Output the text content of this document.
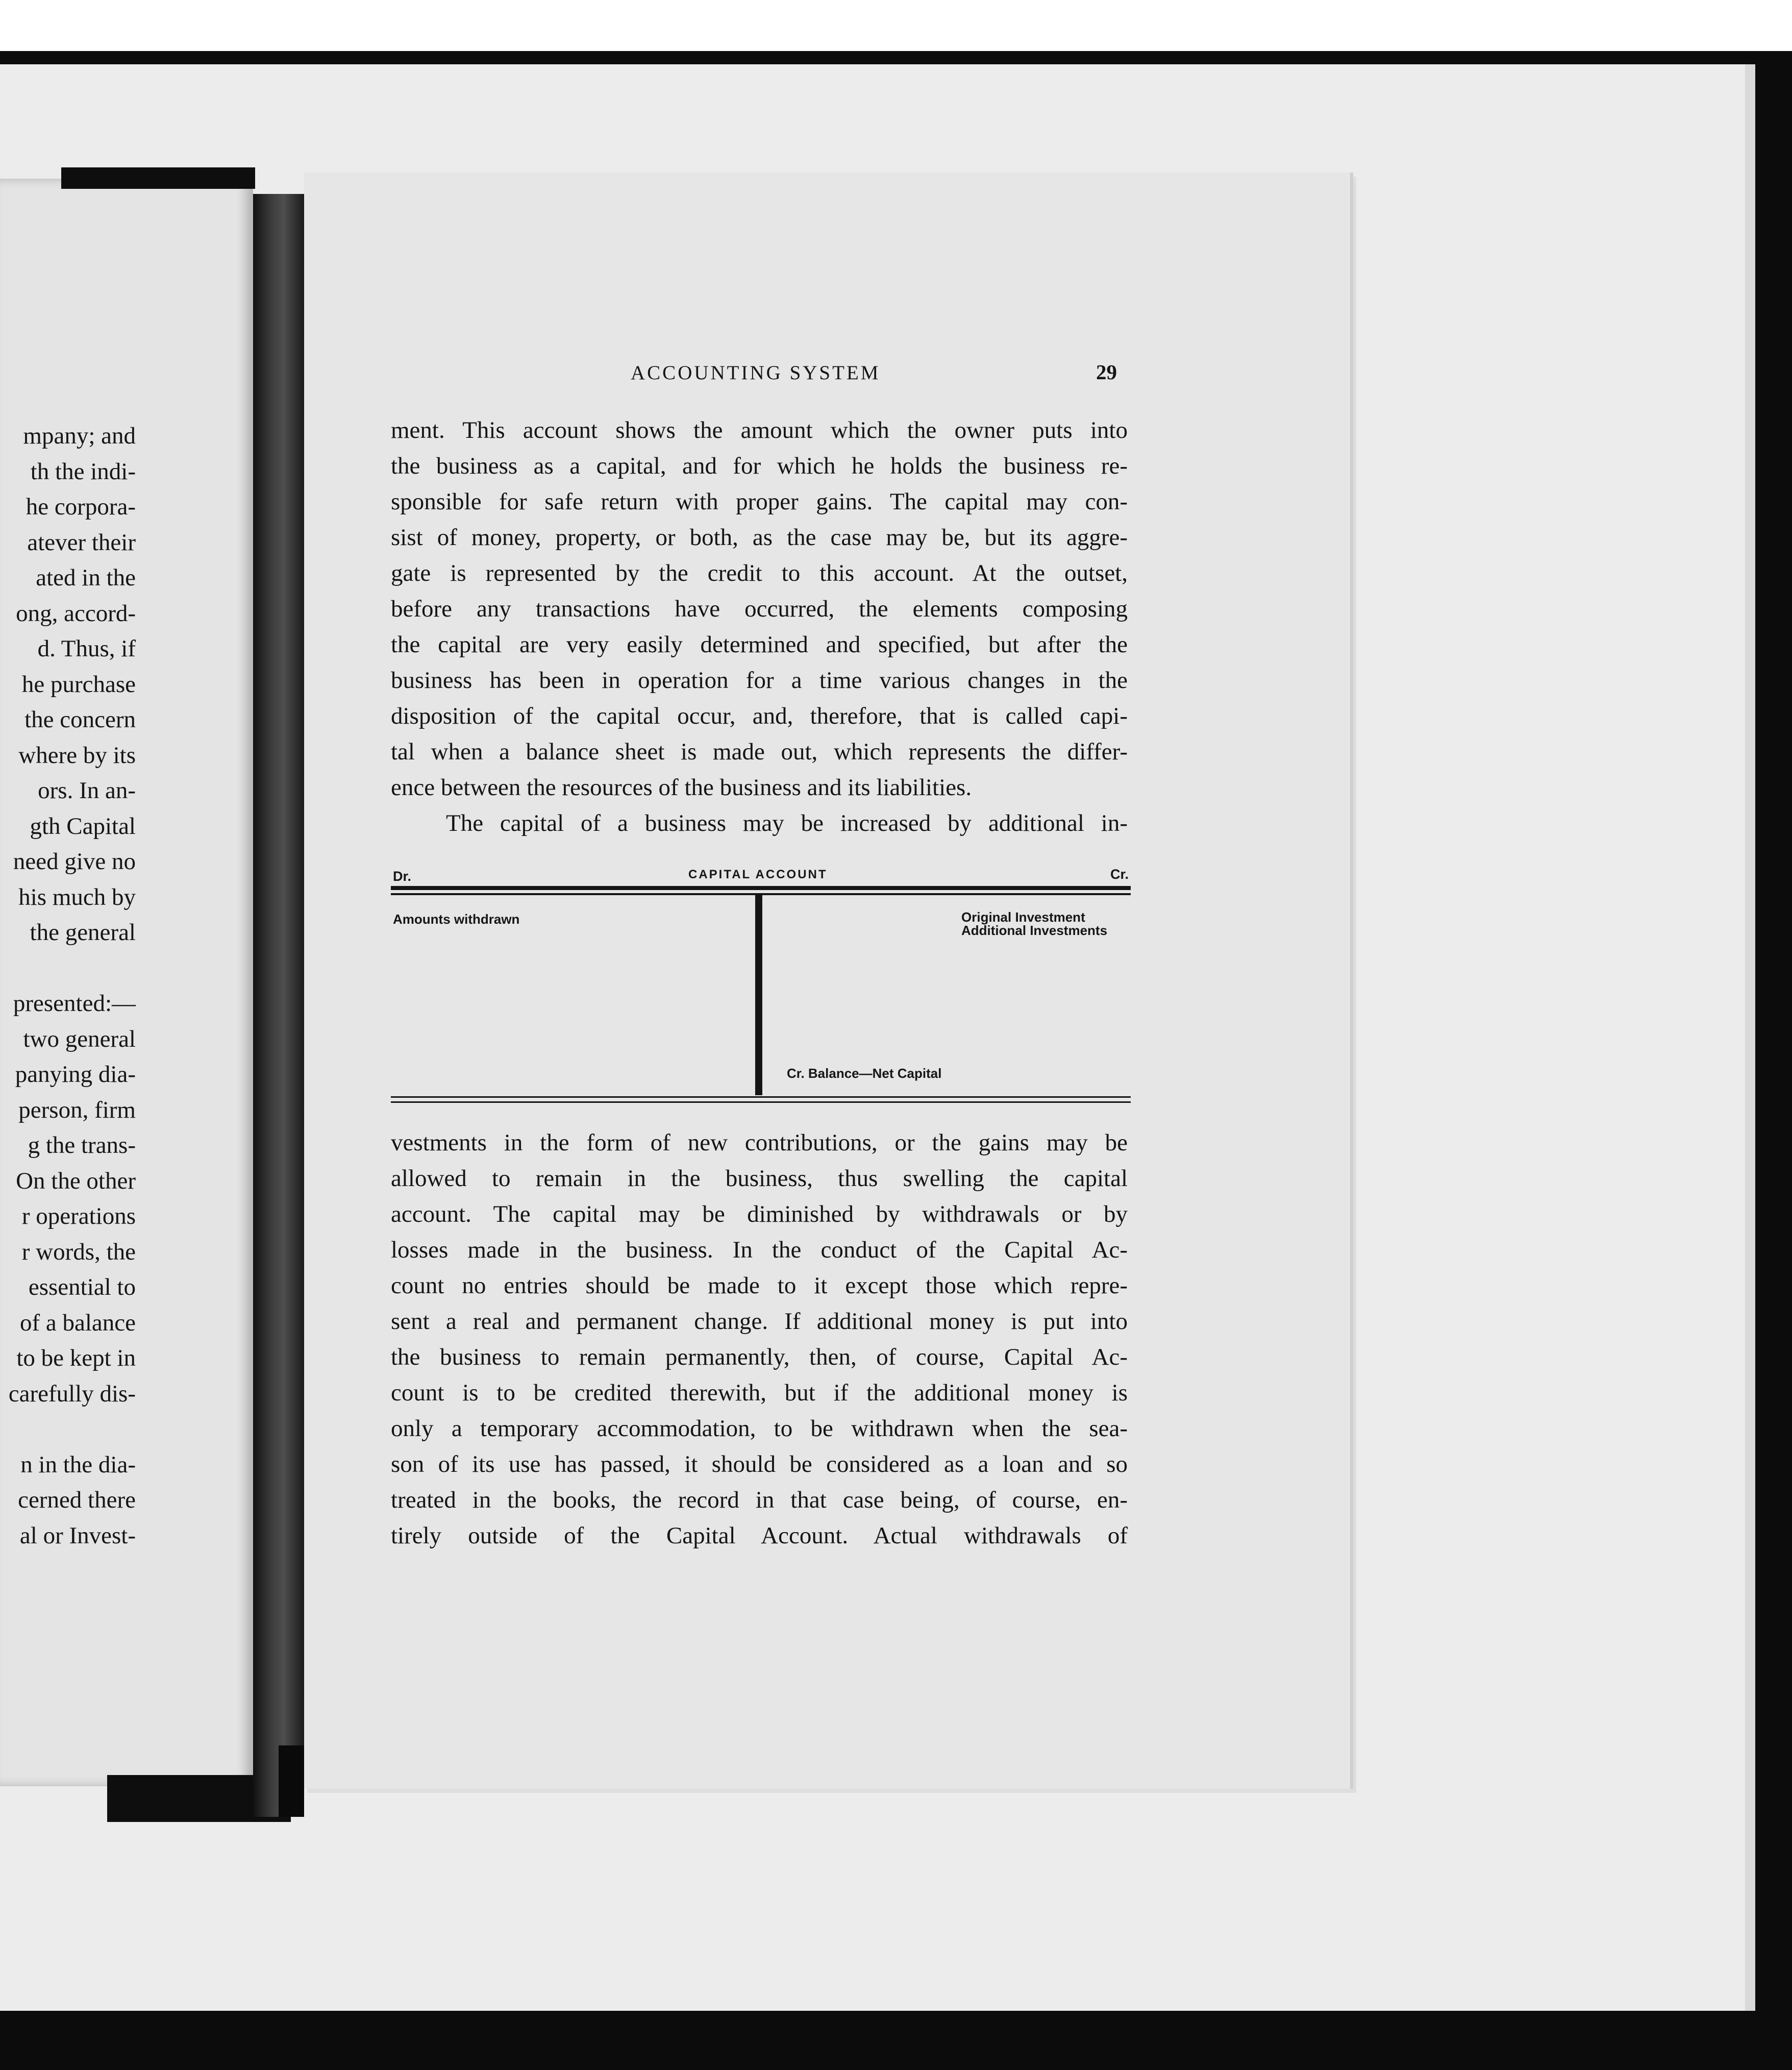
mpany; and
th the indi-
he corpora-
atever their
ated in the
ong, accord-
d. Thus, if
he purchase
the concern
where by its
ors. In an-
gth Capital
need give no
his much by
the general
presented:—
two general
panying dia-
person, firm
g the trans-
On the other
r operations
r words, the
essential to
of a balance
to be kept in
carefully dis-
n in the dia-
cerned there
al or Invest-
ACCOUNTING SYSTEM	29
ment. This account shows the amount which the owner puts into
the business as a capital, and for which he holds the business re-
sponsible for safe return with proper gains. The capital may con-
sist of money, property, or both, as the case may be, but its aggre-
gate is represented by the credit to this account. At the outset,
before any transactions have occurred, the elements composing
the capital are very easily determined and specified, but after the
business has been in operation for a time various changes in the
disposition of the capital occur, and, therefore, that is called capi-
tal when a balance sheet is made out, which represents the differ-
ence between the resources of the business and its liabilities.
The capital of a business may be increased by additional in-
Dr.	CAPITAL ACCOUNT	Cr.
Amounts withdrawn	Original Investment
Additional Investments
Cr. Balance—Net Capital
vestments in the form of new contributions, or the gains may be
allowed to remain in the business, thus swelling the capital
account. The capital may be diminished by withdrawals or by
losses made in the business. In the conduct of the Capital Ac-
count no entries should be made to it except those which repre-
sent a real and permanent change. If additional money is put into
the business to remain permanently, then, of course, Capital Ac-
count is to be credited therewith, but if the additional money is
only a temporary accommodation, to be withdrawn when the sea-
son of its use has passed, it should be considered as a loan and so
treated in the books, the record in that case being, of course, en-
tirely outside of the Capital Account. Actual withdrawals of
